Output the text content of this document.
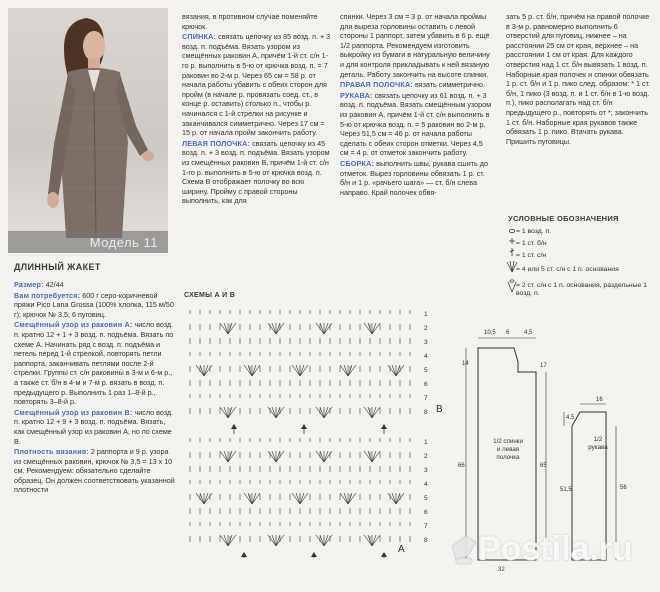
Модель 11
ДЛИННЫЙ ЖАКЕТ

Размер: 42/44

Вам потребуется: 600 г серо-коричневой пряжи Pico Lana Grossa (100% хлопка, 115 м/50 г); крючок № 3,5; 6 пуговиц.

Смещённый узор из раковин А: число возд. п. кратно 12 + 1 + 3 возд. п. подъёма. Вязать по схеме А. Начинать ряд с возд. п. подъёма и петель перед 1-й стрелкой, повторять петли раппорта, заканчивать петлями после 2-й стрелки. Группы ст. с/н раковины в 3-м и 6-м р., а также ст. б/н в 4-м и 7-м р. вязать в возд. п. предыдущего р. Выполнить 1 раз 1–8-й р., повторять 3–8-й р.

Смещённый узор из раковин В: число возд. п. кратно 12 + 9 + 3 возд. п. подъёма. Вязать, как смещённый узор из раковин А, но по схеме В.

Плотность вязания: 2 раппорта и 9 р. узора из смещённых раковин, крючок № 3,5 = 13 х 10 см. Рекомендуем: обязательно сделайте образец. Он должен соответствовать указанной плотности

вязания, в противном случае поменяйте крючок.

СПИНКА: связать цепочку из 85 возд. п. + 3 возд. п. подъёма. Вязать узором из смещённых раковин А, причём 1-й ст. с/н 1-го р. выполнить в 5-ю от крючка возд. п. = 7 раковин во 2-м р. Через 65 см = 58 р. от начала работы убавить с обеих сторон для пройм (в начале р. провязать соед. ст., в конце р. оставить) столько п., чтобы р. начинался с 1-й стрелки на рисунке и заканчивался симметрично. Через 17 см = 15 р. от начала пройм закончить работу.

ЛЕВАЯ ПОЛОЧКА: связать цепочку из 45 возд. п. + 3 возд. п. подъёма. Вязать узором из смещённых раковин В, причём 1-й ст. с/н 1-го р. выполнить в 5-ю от крючка возд. п. Схема В отображает полочку во всю ширину. Пройму с правой стороны выполнить, как для

спинки. Через 3 см = 3 р. от начала проймы для выреза горловины оставить с левой стороны 1 раппорт, затем убавить в 6 р. ещё 1/2 раппорта. Рекомендуем изготовить выкройку из бумаги в натуральную величину и для контроля прикладывать к ней вязаную деталь. Работу закончить на высоте спинки.

ПРАВАЯ ПОЛОЧКА: вязать симметрично.

РУКАВА: связать цепочку из 61 возд. п. + 3 возд. п. подъёма. Вязать смещённым узором из раковин А, причём 1-й ст. с/н выполнить в 5-ю от крючка возд. п. = 5 раковин во 2-м р. Через 51,5 см = 46 р. от начала работы сделать с обеих сторон отметки. Через 4,5 см = 4 р. от отметок закончить работу.

СБОРКА: выполнить швы, рукава сшить до отметок. Вырез горловины обвязать 1 р. ст. б/н и 1 р. «рачьего шага» — ст. б/н слева направо. Край полочек обвя-

зать 5 р. ст. б/н, причём на правой полочке в 3-м р. равномерно выполнить 6 отверстий для пуговиц, нижнее – на расстоянии 25 см от края, верхнее – на расстоянии 1 см от края. Для каждого отверстия над 1 ст. б/н вывязать 1 возд. п. Наборные края полочек и спинки обвязать 1 р. ст. б/н и 1 р. пико след. образом: * 1 ст. б/н, 1 пико (3 возд. п. и 1 ст. б/н в 1-ю возд. п.), пико располагать над ст. б/н предыдущего р., повторять от *; закончить 1 ст. б/н. Наборные края рукавов также обвязать 1 р. пико. Втачать рукава. Пришить пуговицы.

УСЛОВНЫЕ ОБОЗНАЧЕНИЯ
= 1 возд. п.
= 1 ст. б/н
= 1 ст. с/н
= 4 или 5 ст. с/н с 1 п. основания
= 2 ст. с/н с 1 п. основания, раздельные 1 возд. п.
СХЕМЫ А И В
1
2
3
4
5
6
7
8
1
2
3
4
5
6
7
8
B
A
10,5 6 4,5
14	17
66	65
32
1/2 спинки
и левая
полочка
1/2
рукава
16
4,5
51,5	56
Postila.ru
